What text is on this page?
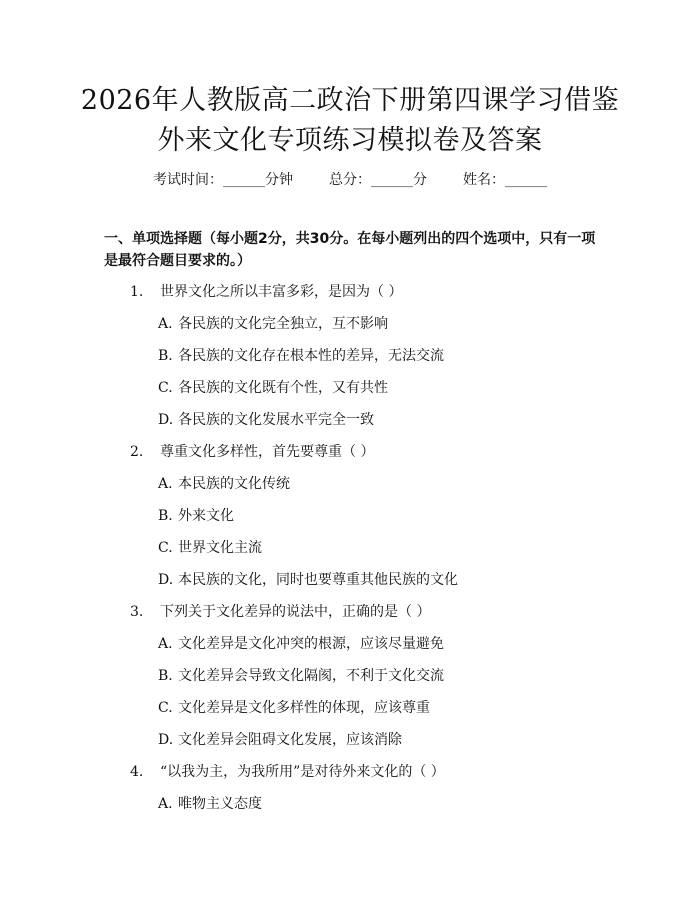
2026年人教版高二政治下册第四课学习借鉴
外来文化专项练习模拟卷及答案
考试时间：______分钟	总分：______分	姓名：______
一、单项选择题（每小题2分，共30分。在每小题列出的四个选项中，只有一项是最符合题目要求的。）
1. 世界文化之所以丰富多彩，是因为（ ）
A. 各民族的文化完全独立，互不影响
B. 各民族的文化存在根本性的差异，无法交流
C. 各民族的文化既有个性，又有共性
D. 各民族的文化发展水平完全一致
2. 尊重文化多样性，首先要尊重（ ）
A. 本民族的文化传统
B. 外来文化
C. 世界文化主流
D. 本民族的文化，同时也要尊重其他民族的文化
3. 下列关于文化差异的说法中，正确的是（ ）
A. 文化差异是文化冲突的根源，应该尽量避免
B. 文化差异会导致文化隔阂，不利于文化交流
C. 文化差异是文化多样性的体现，应该尊重
D. 文化差异会阻碍文化发展，应该消除
4. “以我为主，为我所用”是对待外来文化的（ ）
A. 唯物主义态度
